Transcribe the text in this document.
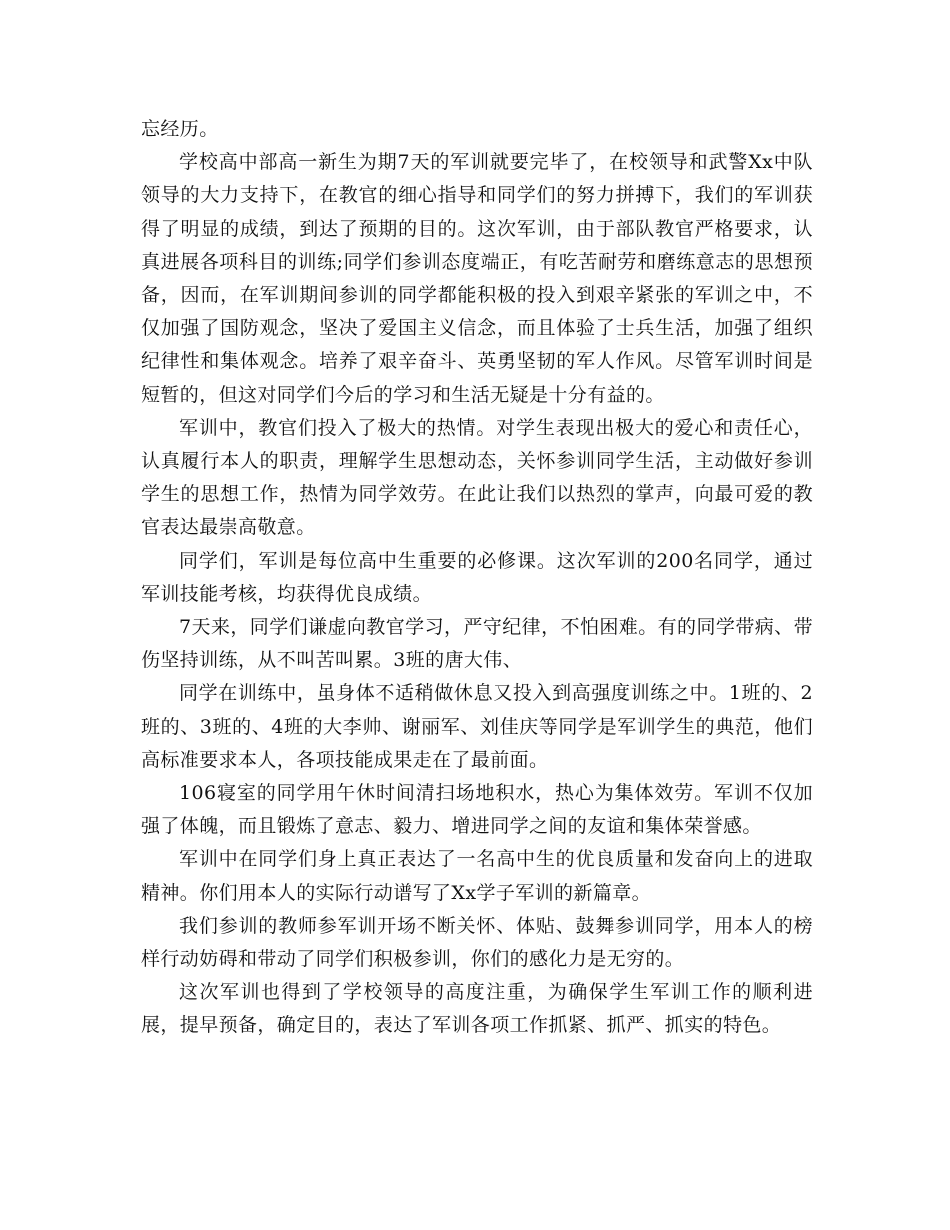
忘经历。

学校高中部高一新生为期7天的军训就要完毕了，在校领导和武警Xx中队领导的大力支持下，在教官的细心指导和同学们的努力拼搏下，我们的军训获得了明显的成绩，到达了预期的目的。这次军训，由于部队教官严格要求，认真进展各项科目的训练;同学们参训态度端正，有吃苦耐劳和磨练意志的思想预备，因而，在军训期间参训的同学都能积极的投入到艰辛紧张的军训之中，不仅加强了国防观念，坚决了爱国主义信念，而且体验了士兵生活，加强了组织纪律性和集体观念。培养了艰辛奋斗、英勇坚韧的军人作风。尽管军训时间是短暂的，但这对同学们今后的学习和生活无疑是十分有益的。

军训中，教官们投入了极大的热情。对学生表现出极大的爱心和责任心，认真履行本人的职责，理解学生思想动态，关怀参训同学生活，主动做好参训学生的思想工作，热情为同学效劳。在此让我们以热烈的掌声，向最可爱的教官表达最崇高敬意。

同学们，军训是每位高中生重要的必修课。这次军训的200名同学，通过军训技能考核，均获得优良成绩。

7天来，同学们谦虚向教官学习，严守纪律，不怕困难。有的同学带病、带伤坚持训练，从不叫苦叫累。3班的唐大伟、

同学在训练中，虽身体不适稍做休息又投入到高强度训练之中。1班的、2班的、3班的、4班的大李帅、谢丽军、刘佳庆等同学是军训学生的典范，他们高标准要求本人，各项技能成果走在了最前面。

106寝室的同学用午休时间清扫场地积水，热心为集体效劳。军训不仅加强了体魄，而且锻炼了意志、毅力、增进同学之间的友谊和集体荣誉感。

军训中在同学们身上真正表达了一名高中生的优良质量和发奋向上的进取精神。你们用本人的实际行动谱写了Xx学子军训的新篇章。

我们参训的教师参军训开场不断关怀、体贴、鼓舞参训同学，用本人的榜样行动妨碍和带动了同学们积极参训，你们的感化力是无穷的。

这次军训也得到了学校领导的高度注重，为确保学生军训工作的顺利进展，提早预备，确定目的，表达了军训各项工作抓紧、抓严、抓实的特色。
